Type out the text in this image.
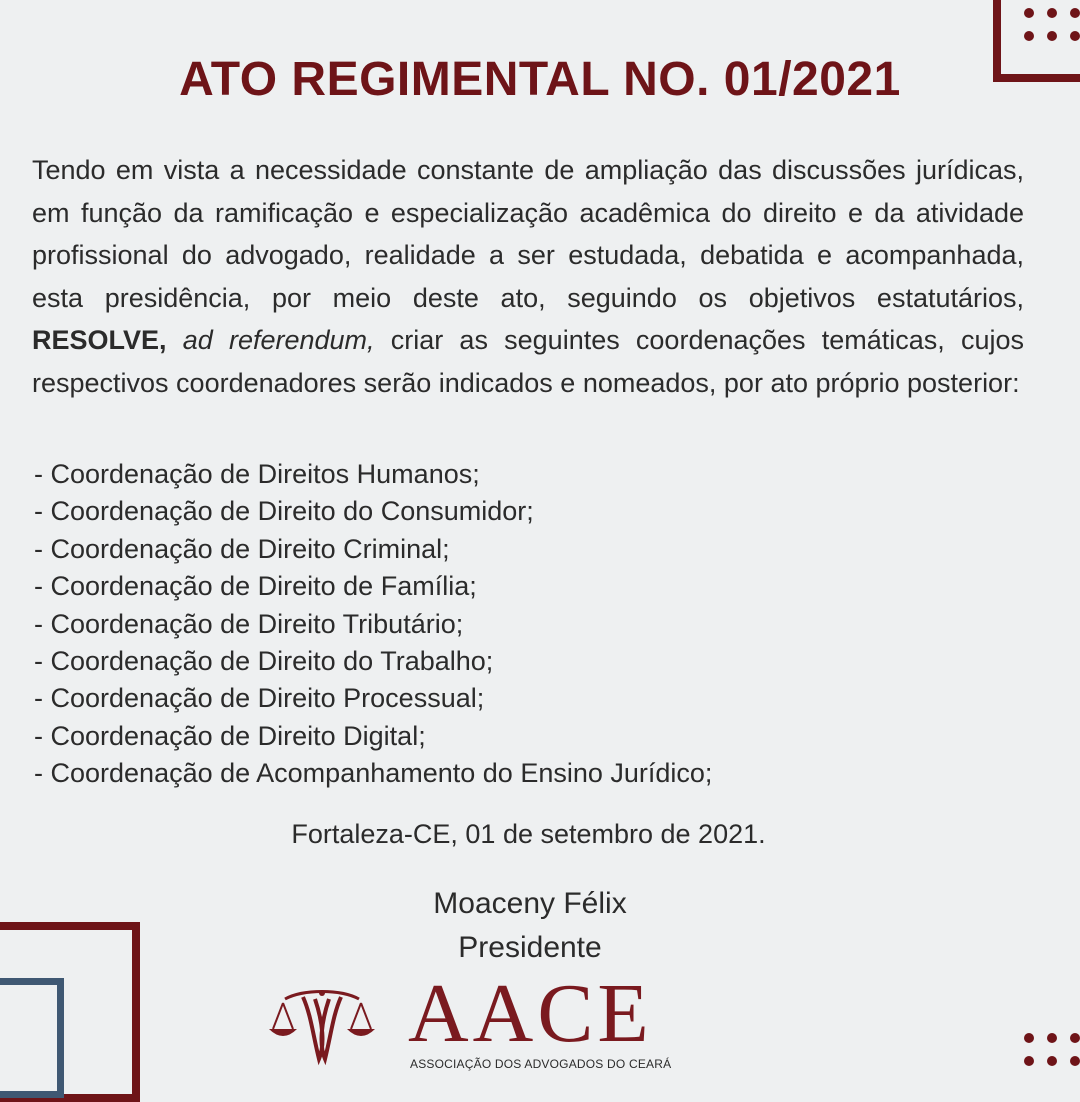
ATO REGIMENTAL NO. 01/2021

Tendo em vista a necessidade constante de ampliação das discussões jurídicas, em função da ramificação e especialização acadêmica do direito e da atividade profissional do advogado, realidade a ser estudada, debatida e acompanhada, esta presidência, por meio deste ato, seguindo os objetivos estatutários, RESOLVE, ad referendum, criar as seguintes coordenações temáticas, cujos respectivos coordenadores serão indicados e nomeados, por ato próprio posterior:

- Coordenação de Direitos Humanos;
- Coordenação de Direito do Consumidor;
- Coordenação de Direito Criminal;
- Coordenação de Direito de Família;
- Coordenação de Direito Tributário;
- Coordenação de Direito do Trabalho;
- Coordenação de Direito Processual;
- Coordenação de Direito Digital;
- Coordenação de Acompanhamento do Ensino Jurídico;

Fortaleza-CE, 01 de setembro de 2021.

Moaceny Félix
Presidente
AACE
ASSOCIAÇÃO DOS ADVOGADOS DO CEARÁ
